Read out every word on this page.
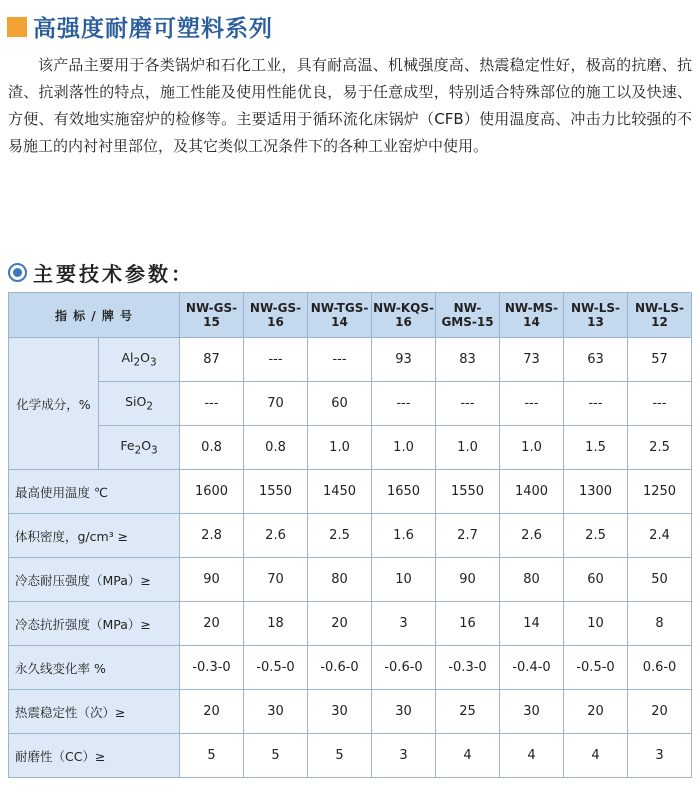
高强度耐磨可塑料系列

该产品主要用于各类锅炉和石化工业，具有耐高温、机械强度高、热震稳定性好，极高的抗磨、抗渣、抗剥落性的特点，施工性能及使用性能优良，易于任意成型，特别适合特殊部位的施工以及快速、方便、有效地实施窑炉的检修等。主要适用于循环流化床锅炉（CFB）使用温度高、冲击力比较强的不易施工的内衬衬里部位，及其它类似工况条件下的各种工业窑炉中使用。

主要技术参数：
指 标 / 牌 号		NW-GS-15	NW-GS-16	NW-TGS-14	NW-KQS-16	NW-GMS-15	NW-MS-14	NW-LS-13	NW-LS-12
化学成分，%	$Al_2O_3$	87	---	---	93	83	73	63	57
	SiO$_2$	---	70	60	---	---	---	---	---
	$Fe_2O_3$	0.8	0.8	1.0	1.0	1.0	1.0	1.5	2.5
最高使用温度 ℃		1600	1550	1450	1650	1550	1400	1300	1250
体积密度，g/cm³ ≥		2.8	2.6	2.5	1.6	2.7	2.6	2.5	2.4
冷态耐压强度（MPa）≥		90	70	80	10	90	80	60	50
冷态抗折强度（MPa）≥		20	18	20	3	16	14	10	8
永久线变化率 %		-0.3-0	-0.5-0	-0.6-0	-0.6-0	-0.3-0	-0.4-0	-0.5-0	0.6-0
热震稳定性（次）≥		20	30	30	30	25	30	20	20
耐磨性（CC）≥		5	5	5	3	4	4	4	3
